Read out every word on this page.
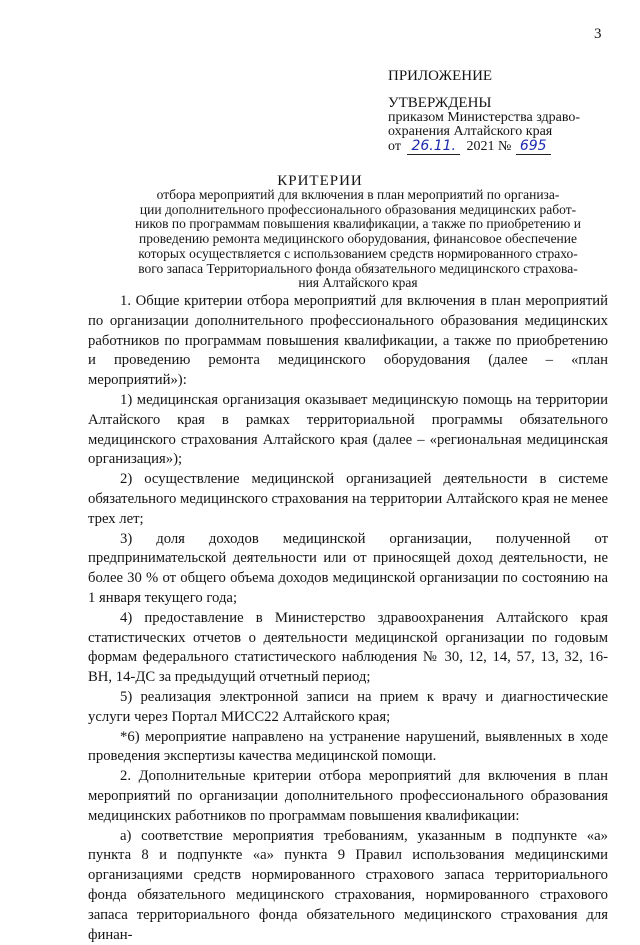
3
ПРИЛОЖЕНИЕ
УТВЕРЖДЕНЫ
приказом Министерства здраво-
охранения Алтайского края
от 26.11. 2021 № 695
КРИТЕРИИ
отбора мероприятий для включения в план мероприятий по организа-
ции дополнительного профессионального образования медицинских работ-
ников по программам повышения квалификации, а также по приобретению и
проведению ремонта медицинского оборудования, финансовое обеспечение
которых осуществляется с использованием средств нормированного страхо-
вого запаса Территориального фонда обязательного медицинского страхова-
ния Алтайского края

1. Общие критерии отбора мероприятий для включения в план мероприятий по организации дополнительного профессионального образования медицинских работников по программам повышения квалификации, а также по приобретению и проведению ремонта медицинского оборудования (далее – «план мероприятий»):

1) медицинская организация оказывает медицинскую помощь на территории Алтайского края в рамках территориальной программы обязательного медицинского страхования Алтайского края (далее – «региональная медицинская организация»);

2) осуществление медицинской организацией деятельности в системе обязательного медицинского страхования на территории Алтайского края не менее трех лет;

3) доля доходов медицинской организации, полученной от предпринимательской деятельности или от приносящей доход деятельности, не более 30 % от общего объема доходов медицинской организации по состоянию на 1 января текущего года;

4) предоставление в Министерство здравоохранения Алтайского края статистических отчетов о деятельности медицинской организации по годовым формам федерального статистического наблюдения № 30, 12, 14, 57, 13, 32, 16-ВН, 14-ДС за предыдущий отчетный период;

5) реализация электронной записи на прием к врачу и диагностические услуги через Портал МИСС22 Алтайского края;

*6) мероприятие направлено на устранение нарушений, выявленных в ходе проведения экспертизы качества медицинской помощи.

2. Дополнительные критерии отбора мероприятий для включения в план мероприятий по организации дополнительного профессионального образования медицинских работников по программам повышения квалификации:

а) соответствие мероприятия требованиям, указанным в подпункте «а» пункта 8 и подпункте «а» пункта 9 Правил использования медицинскими организациями средств нормированного страхового запаса территориального фонда обязательного медицинского страхования, нормированного страхового запаса территориального фонда обязательного медицинского страхования для финан-
